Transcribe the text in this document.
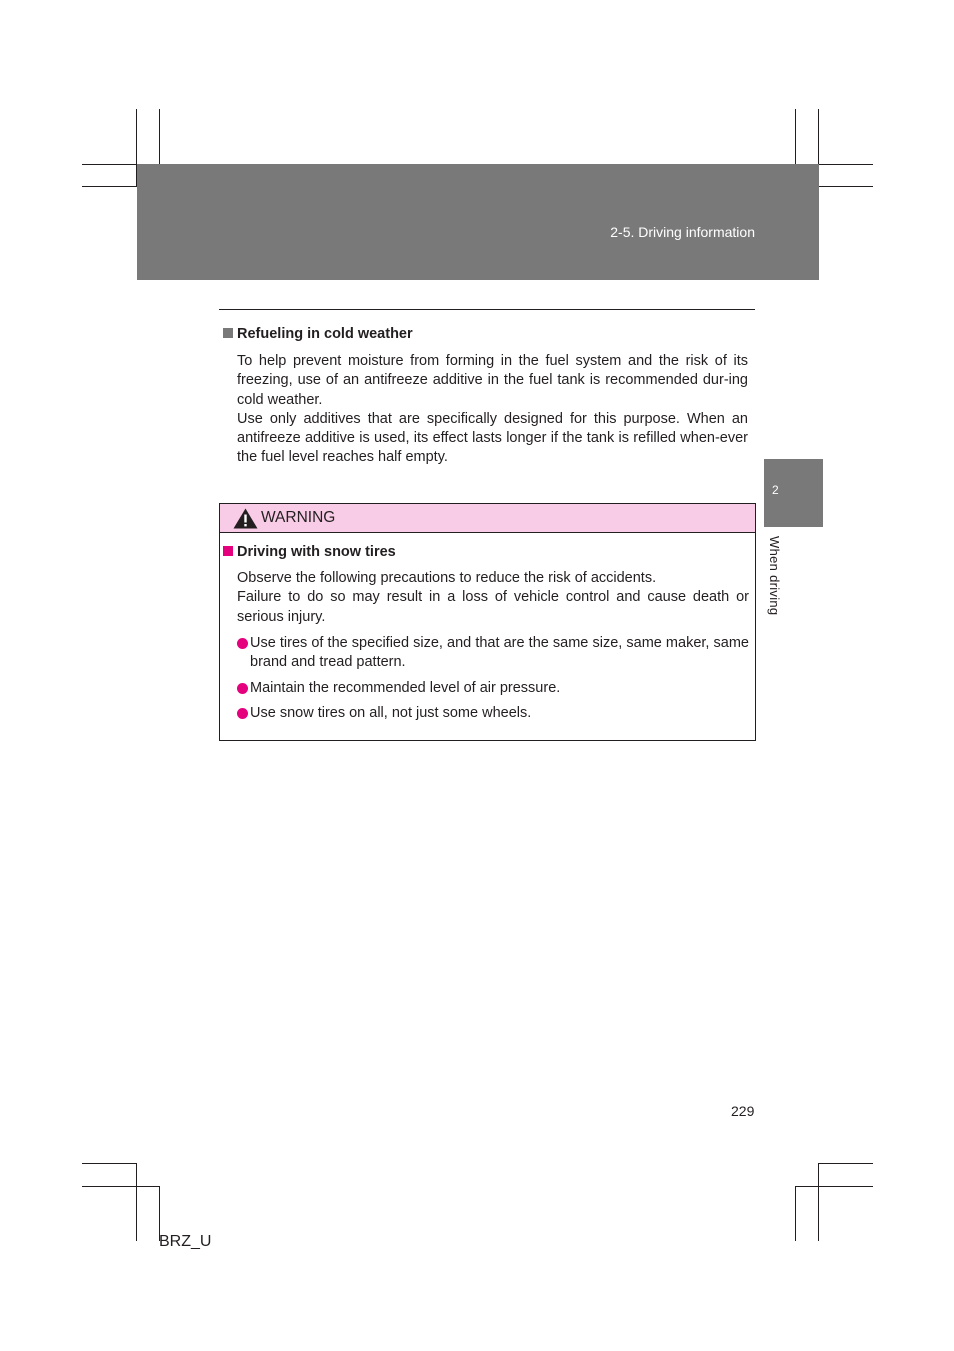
2-5. Driving information
Refueling in cold weather

To help prevent moisture from forming in the fuel system and the risk of its freezing, use of an antifreeze additive in the fuel tank is recommended dur-ing cold weather.

Use only additives that are specifically designed for this purpose. When an antifreeze additive is used, its effect lasts longer if the tank is refilled when-ever the fuel level reaches half empty.

2
When driving
WARNING
Driving with snow tires

Observe the following precautions to reduce the risk of accidents.

Failure to do so may result in a loss of vehicle control and cause death or serious injury.

Use tires of the specified size, and that are the same size, same maker, same brand and tread pattern.
Maintain the recommended level of air pressure.
Use snow tires on all, not just some wheels.
229
BRZ_U
